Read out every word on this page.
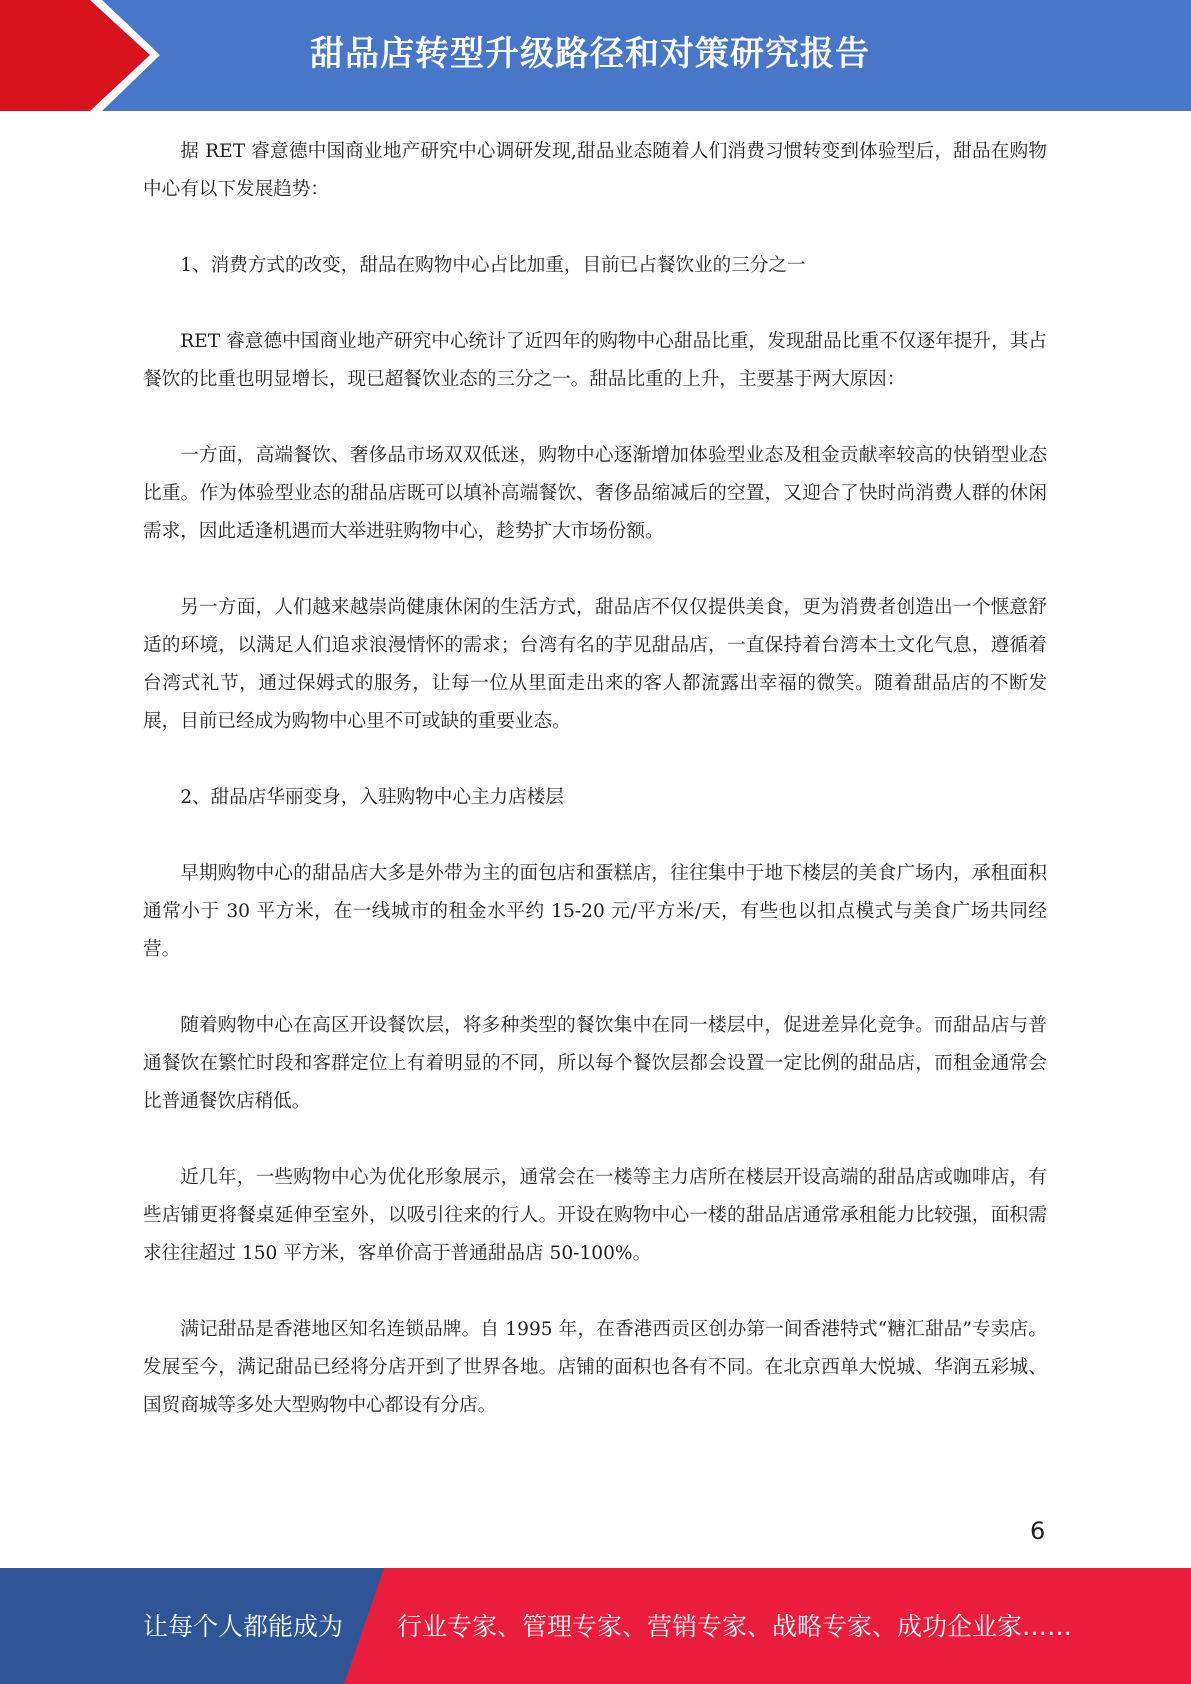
甜品店转型升级路径和对策研究报告

据 RET 睿意德中国商业地产研究中心调研发现,甜品业态随着人们消费习惯转变到体验型后，甜品在购物中心有以下发展趋势：

1、消费方式的改变，甜品在购物中心占比加重，目前已占餐饮业的三分之一

RET 睿意德中国商业地产研究中心统计了近四年的购物中心甜品比重，发现甜品比重不仅逐年提升，其占餐饮的比重也明显增长，现已超餐饮业态的三分之一。甜品比重的上升，主要基于两大原因：

一方面，高端餐饮、奢侈品市场双双低迷，购物中心逐渐增加体验型业态及租金贡献率较高的快销型业态比重。作为体验型业态的甜品店既可以填补高端餐饮、奢侈品缩减后的空置，又迎合了快时尚消费人群的休闲需求，因此适逢机遇而大举进驻购物中心，趁势扩大市场份额。

另一方面，人们越来越崇尚健康休闲的生活方式，甜品店不仅仅提供美食，更为消费者创造出一个惬意舒适的环境，以满足人们追求浪漫情怀的需求；台湾有名的芋见甜品店，一直保持着台湾本土文化气息，遵循着台湾式礼节，通过保姆式的服务，让每一位从里面走出来的客人都流露出幸福的微笑。随着甜品店的不断发展，目前已经成为购物中心里不可或缺的重要业态。

2、甜品店华丽变身，入驻购物中心主力店楼层

早期购物中心的甜品店大多是外带为主的面包店和蛋糕店，往往集中于地下楼层的美食广场内，承租面积通常小于 30 平方米，在一线城市的租金水平约 15-20 元/平方米/天，有些也以扣点模式与美食广场共同经营。

随着购物中心在高区开设餐饮层，将多种类型的餐饮集中在同一楼层中，促进差异化竞争。而甜品店与普通餐饮在繁忙时段和客群定位上有着明显的不同，所以每个餐饮层都会设置一定比例的甜品店，而租金通常会比普通餐饮店稍低。

近几年，一些购物中心为优化形象展示，通常会在一楼等主力店所在楼层开设高端的甜品店或咖啡店，有些店铺更将餐桌延伸至室外，以吸引往来的行人。开设在购物中心一楼的甜品店通常承租能力比较强，面积需求往往超过 150 平方米，客单价高于普通甜品店 50-100%。

满记甜品是香港地区知名连锁品牌。自 1995 年，在香港西贡区创办第一间香港特式“糖汇甜品”专卖店。发展至今，满记甜品已经将分店开到了世界各地。店铺的面积也各有不同。在北京西单大悦城、华润五彩城、国贸商城等多处大型购物中心都设有分店。

6
让每个人都能成为 行业专家、管理专家、营销专家、战略专家、成功企业家……
